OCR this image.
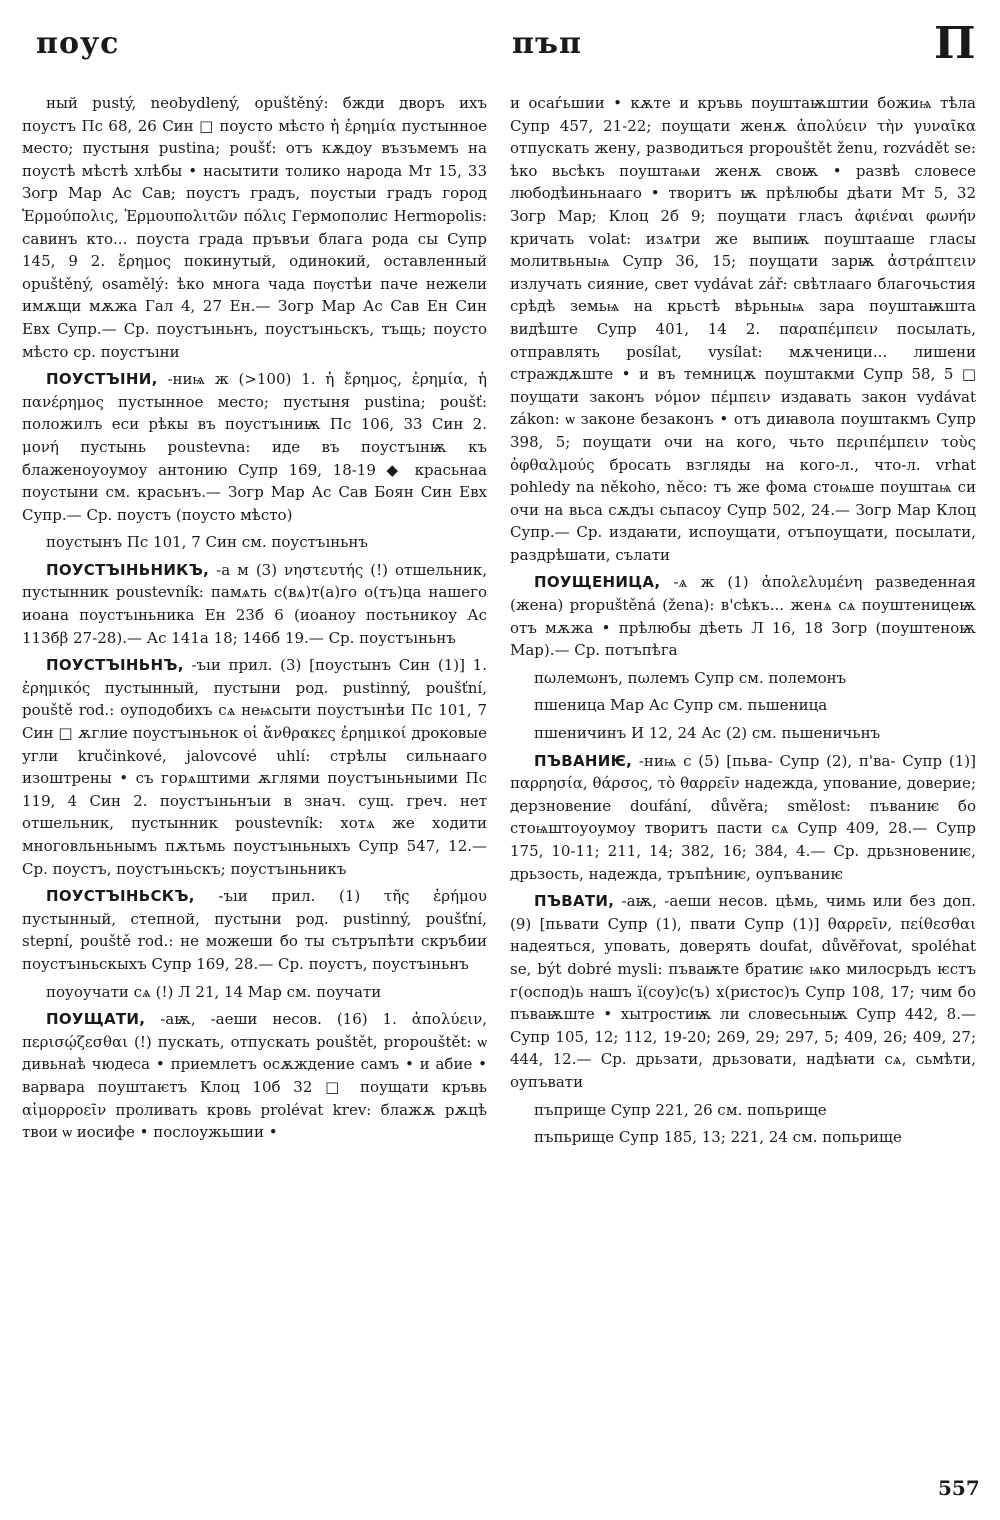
поус	пъп	П

ный pustý, neobydlený, opuštěný: бжди дворъ ихъ поустъ Пс 68, 26 Син □ поусто мѣсто ἡ ἐρημία пустынное место; пустыня pustina; poušť: отъ кѫдоу възъмемъ на поустѣ мѣстѣ хлѣбы • насытити толико народа Мт 15, 33 Зогр Мар Ас Сав; поустъ градъ, поустыи градъ город Ἑρμούπολις, Ἑρμουπολιτῶν πόλις Гермополис Hermopolis: савинъ кто... поуста града пръвъи блага рода сы Супр 145, 9 2. ἔρημος покинутый, одинокий, оставленный opuštěný, osamělý: ѣко многа чада пѹстѣи паче нежели имѫщи мѫжа Гал 4, 27 Ен.— Зогр Мар Ас Сав Ен Син Евх Супр.— Ср. поустъıньнъ, поустъıньскъ, тъщь; поусто мѣсто ср. поустъıни

ПОУСТЪIНИ, -ниѩ ж (>100) 1. ἡ ἔρημος, ἐρημία, ἡ πανέρημος пустынное место; пустыня pustina; poušť: положилъ еси рѣкы въ поустъıниѭ Пс 106, 33 Син 2. μονή пустынь poustevna: иде въ поустъıнѭ къ блаженоуоумоу антонию Супр 169, 18-19 ◆ красьнаа поустыни см. красьнъ.— Зогр Мар Ас Сав Боян Син Евх Супр.— Ср. поустъ (поусто мѣсто)

поустынъ Пс 101, 7 Син см. поустъıньнъ

ПОУСТЪIНЬНИКЪ, -а м (3) νηστευτής (!) отшельник, пустынник poustevník: памѧть с(вѧ)т(а)го о(тъ)ца нашего иоана поустъıньника Ен 23б 6 (иоаноу постьникоу Ас 113бβ 27-28).— Ас 141а 18; 146б 19.— Ср. поустъıньнъ

ПОУСТЪIНЬНЪ, -ъıи прил. (3) [поустынъ Син (1)] 1. ἐρημικός пустынный, пустыни род. pustinný, poušťní, pouště rod.: оуподобихъ сѧ неѩсыти поустъıнѣи Пс 101, 7 Син □ ѫглие поустъıньнок οἱ ἄνθρακες ἐρημικοί дроковые угли kručinkové, jalovcové uhlí: стрѣлы сильнааго изоштрены • съ горѧштими ѫглями поустъıньныими Пс 119, 4 Син 2. поустъıньнъıи в знач. сущ. греч. нет отшельник, пустынник poustevník: хотѧ же ходити многовльньнымъ пѫтьмь поустъıньныхъ Супр 547, 12.— Ср. поустъ, поустъıньскъ; поустъıньникъ

ПОУСТЪIНЬСКЪ, -ъıи прил. (1) τῆς ἐρήμου пустынный, степной, пустыни род. pustinný, poušťní, stepní, pouště rod.: не можеши бо ты сътръпѣти скръбии поустъıньскыхъ Супр 169, 28.— Ср. поустъ, поустъıньнъ

поуоучати сѧ (!) Л 21, 14 Мар см. поучати

ПОУЩАТИ, -аѭ, -аеши несов. (16) 1. ἀπολύειν, περισῴζεσθαι (!) пускать, отпускать pouštět, propouštět: ѡ дивьнаѣ чюдеса • приемлетъ осѫждение самъ • и абие • варвара поуштаѥтъ Клоц 10б 32 □ поущати кръвь αἱμορροεῖν проливать кровь prolévat krev: блажѫ рѫцѣ твои ѡ иосифе • послоужьшии •

и осаѓьшии • кѫте и кръвь поуштаѭштии божиѩ тѣла Супр 457, 21-22; поущати женѫ ἀπολύειν τὴν γυναῖκα отпускать жену, разводиться propouštět ženu, rozvádět se: ѣко вьсѣкъ поуштаѩи женѫ своѭ • развѣ словесе любодѣиньнааго • творитъ ѭ прѣлюбы дѣати Мт 5, 32 Зогр Мар; Клоц 2б 9; поущати гласъ ἀφιέναι φωνήν кричать volat: изѧтри же выпиѭ поуштааше гласы молитвьныѩ Супр 36, 15; поущати зарѭ ἀστράπτειν излучать сияние, свет vydávat zář: свѣтлааго благочьстия срѣдѣ земьѩ на крьстѣ вѣрьныѩ зара поуштаѭшта видѣште Супр 401, 14 2. παραπέμπειν посылать, отправлять posílat, vysílat: мѫченици... лишени страждѫште • и въ темницѫ поуштакми Супр 58, 5 □ поущати законъ νόμον πέμπειν издавать закон vydávat zákon: ѡ законе безаконъ • отъ диꙗвола поуштакмъ Супр 398, 5; поущати очи на кого, чьто περιπέμπειν τοὺς ὀφθαλμούς бросать взгляды на кого-л., что-л. vrhat pohledy na někoho, něco: тъ же фома стоѩше поуштаѩ си очи на вьса сѫдъı сьпасоу Супр 502, 24.— Зогр Мар Клоц Супр.— Ср. издаꙗти, испоущати, отъпоущати, посылати, раздрѣшати, сълати

ПОУЩЕНИЦА, -ѧ ж (1) ἀπολελυμένη разведенная (жена) propuštěná (žena): в'сѣкъ... женѧ сѧ поуштеницеѭ отъ мѫжа • прѣлюбы дѣеть Л 16, 18 Зогр (поуштеноѭ Мар).— Ср. потъпѣга

пωлемωнъ, пωлемъ Супр см. полемонъ

пшеница Мар Ас Супр см. пьшеница

пшеничинъ И 12, 24 Ас (2) см. пьшеничьнъ

ПЪВАНИѤ, -ниѩ с (5) [пьва- Супр (2), п'ва- Супр (1)] παρρησία, θάρσος, τὸ θαρρεῖν надежда, упование, доверие; дерзновение doufání, důvěra; smělost: пъваниѥ бо стоѩштоуоумоу творитъ пасти сѧ Супр 409, 28.— Супр 175, 10-11; 211, 14; 382, 16; 384, 4.— Ср. дрьзновениѥ, дрьзость, надежда, тръпѣниѥ, оупъваниѥ

ПЪВАТИ, -аѭ, -аеши несов. цѣмь, чимь или без доп. (9) [пьвати Супр (1), пвати Супр (1)] θαρρεῖν, πείθεσθαι надеяться, уповать, доверять doufat, důvěřovat, spoléhat se, být dobré mysli: пъваѭте братиѥ ѩко милосрьдъ ѥстъ г(оспод)ь нашъ ї(соу)с(ъ) х(ристос)ъ Супр 108, 17; чим бо пъваѭште • хытростиѭ ли словесьныѭ Супр 442, 8.— Супр 105, 12; 112, 19-20; 269, 29; 297, 5; 409, 26; 409, 27; 444, 12.— Ср. дрьзати, дрьзовати, надѣꙗти сѧ, сьмѣти, оупъвати

пъприще Супр 221, 26 см. попьрище

пъпьрище Супр 185, 13; 221, 24 см. попьрище

557
